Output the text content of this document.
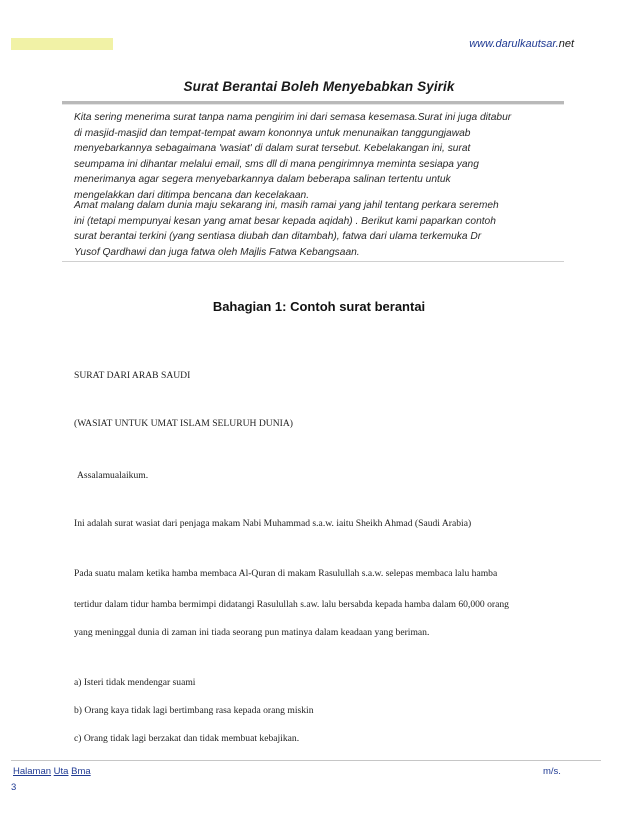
www.darulkautsar.net
Surat Berantai Boleh Menyebabkan Syirik

Kita sering menerima surat tanpa nama pengirim ini dari semasa kesemasa.Surat ini juga ditabur
di masjid-masjid dan tempat-tempat awam kononnya untuk menunaikan tanggungjawab
menyebarkannya sebagaimana 'wasiat' di dalam surat tersebut. Kebelakangan ini, surat
seumpama ini dihantar melalui email, sms dll di mana pengirimnya meminta sesiapa yang
menerimanya agar segera menyebarkannya dalam beberapa salinan tertentu untuk
mengelakkan dari ditimpa bencana dan kecelakaan.

Amat malang dalam dunia maju sekarang ini, masih ramai yang jahil tentang perkara seremeh
ini (tetapi mempunyai kesan yang amat besar kepada aqidah) . Berikut kami paparkan contoh
surat berantai terkini (yang sentiasa diubah dan ditambah), fatwa dari ulama terkemuka Dr
Yusof Qardhawi dan juga fatwa oleh Majlis Fatwa Kebangsaan.

Bahagian 1: Contoh surat berantai

SURAT DARI ARAB SAUDI

(WASIAT UNTUK UMAT ISLAM SELURUH DUNIA)

Assalamualaikum.

Ini adalah surat wasiat dari penjaga makam Nabi Muhammad s.a.w. iaitu Sheikh Ahmad (Saudi Arabia)

Pada suatu malam ketika hamba membaca Al-Quran di makam Rasulullah s.a.w. selepas membaca lalu hamba

tertidur dalam tidur hamba bermimpi didatangi Rasulullah s.aw. lalu bersabda kepada hamba dalam 60,000 orang

yang meninggal dunia di zaman ini tiada seorang pun matinya dalam keadaan yang beriman.

a) Isteri tidak mendengar suami

b) Orang kaya tidak lagi bertimbang rasa kepada orang miskin

c) Orang tidak lagi berzakat dan tidak membuat kebajikan.

Halaman Uta Bma	m/s.
3
